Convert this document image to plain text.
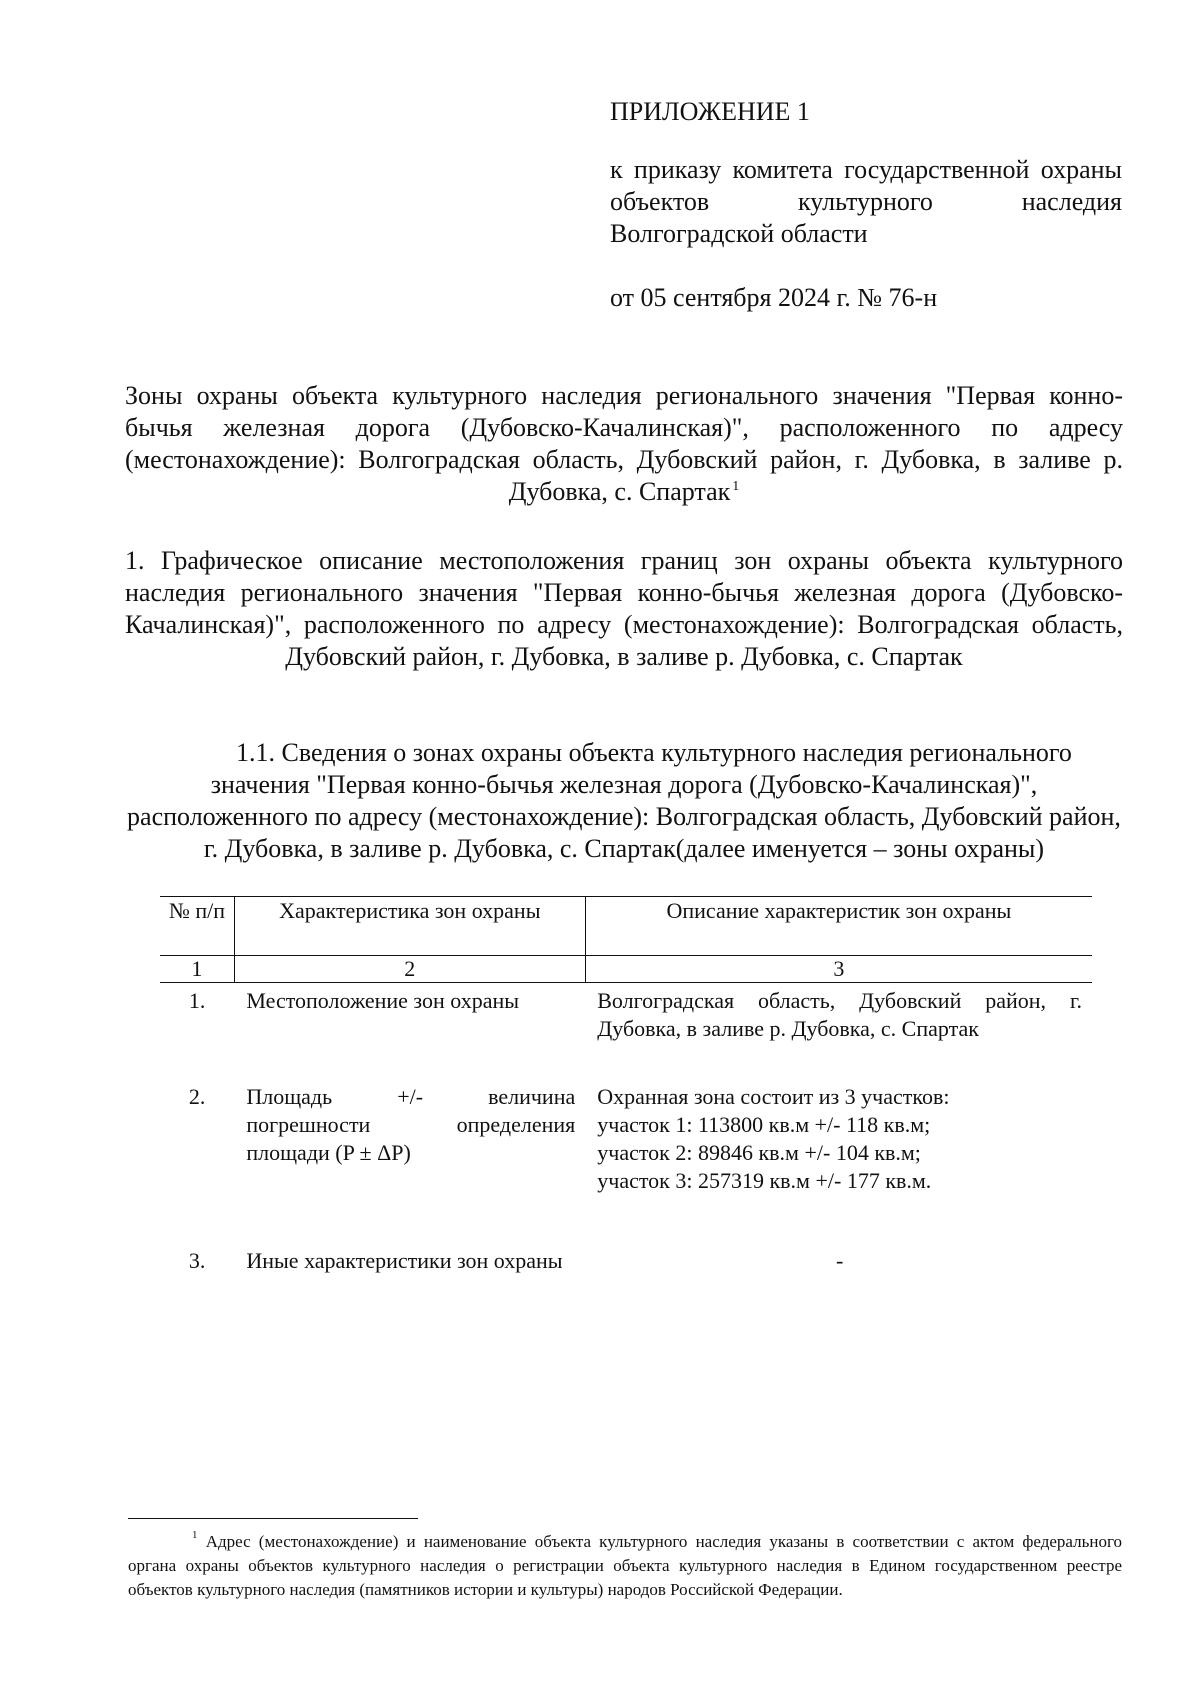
ПРИЛОЖЕНИЕ 1
к приказу комитета государственной охраны объектов культурного наследия Волгоградской области
от 05 сентября 2024 г. № 76-н
Зоны охраны объекта культурного наследия регионального значения "Первая конно-бычья железная дорога (Дубовско-Качалинская)", расположенного по адресу (местонахождение): Волгоградская область, Дубовский район, г. Дубовка, в заливе р. Дубовка, с. Спартак $^1$
1. Графическое описание местоположения границ зон охраны объекта культурного наследия регионального значения "Первая конно-бычья железная дорога (Дубовско-Качалинская)", расположенного по адресу (местонахождение): Волгоградская область, Дубовский район, г. Дубовка, в заливе р. Дубовка, с. Спартак
1.1. Сведения о зонах охраны объекта культурного наследия регионального значения "Первая конно-бычья железная дорога (Дубовско-Качалинская)", расположенного по адресу (местонахождение): Волгоградская область, Дубовский район, г. Дубовка, в заливе р. Дубовка, с. Спартак(далее именуется – зоны охраны)
№ п/п	Характеристика зон охраны	Описание характеристик зон охраны
1	2	3
1.	Местоположение зон охраны	Волгоградская область, Дубовский район, г. Дубовка, в заливе р. Дубовка, с. Спартак

2.	Площадь +/- величина погрешности определения площади (P ± ΔP)	Охранная зона состоит из 3 участков:
участок 1: 113800 кв.м +/- 118 кв.м;
участок 2: 89846 кв.м +/- 104 кв.м;
участок 3: 257319 кв.м +/- 177 кв.м.

3.	Иные характеристики зон охраны	-
$^1$ Адрес (местонахождение) и наименование объекта культурного наследия указаны в соответствии с актом федерального органа охраны объектов культурного наследия о регистрации объекта культурного наследия в Едином государственном реестре объектов культурного наследия (памятников истории и культуры) народов Российской Федерации.
